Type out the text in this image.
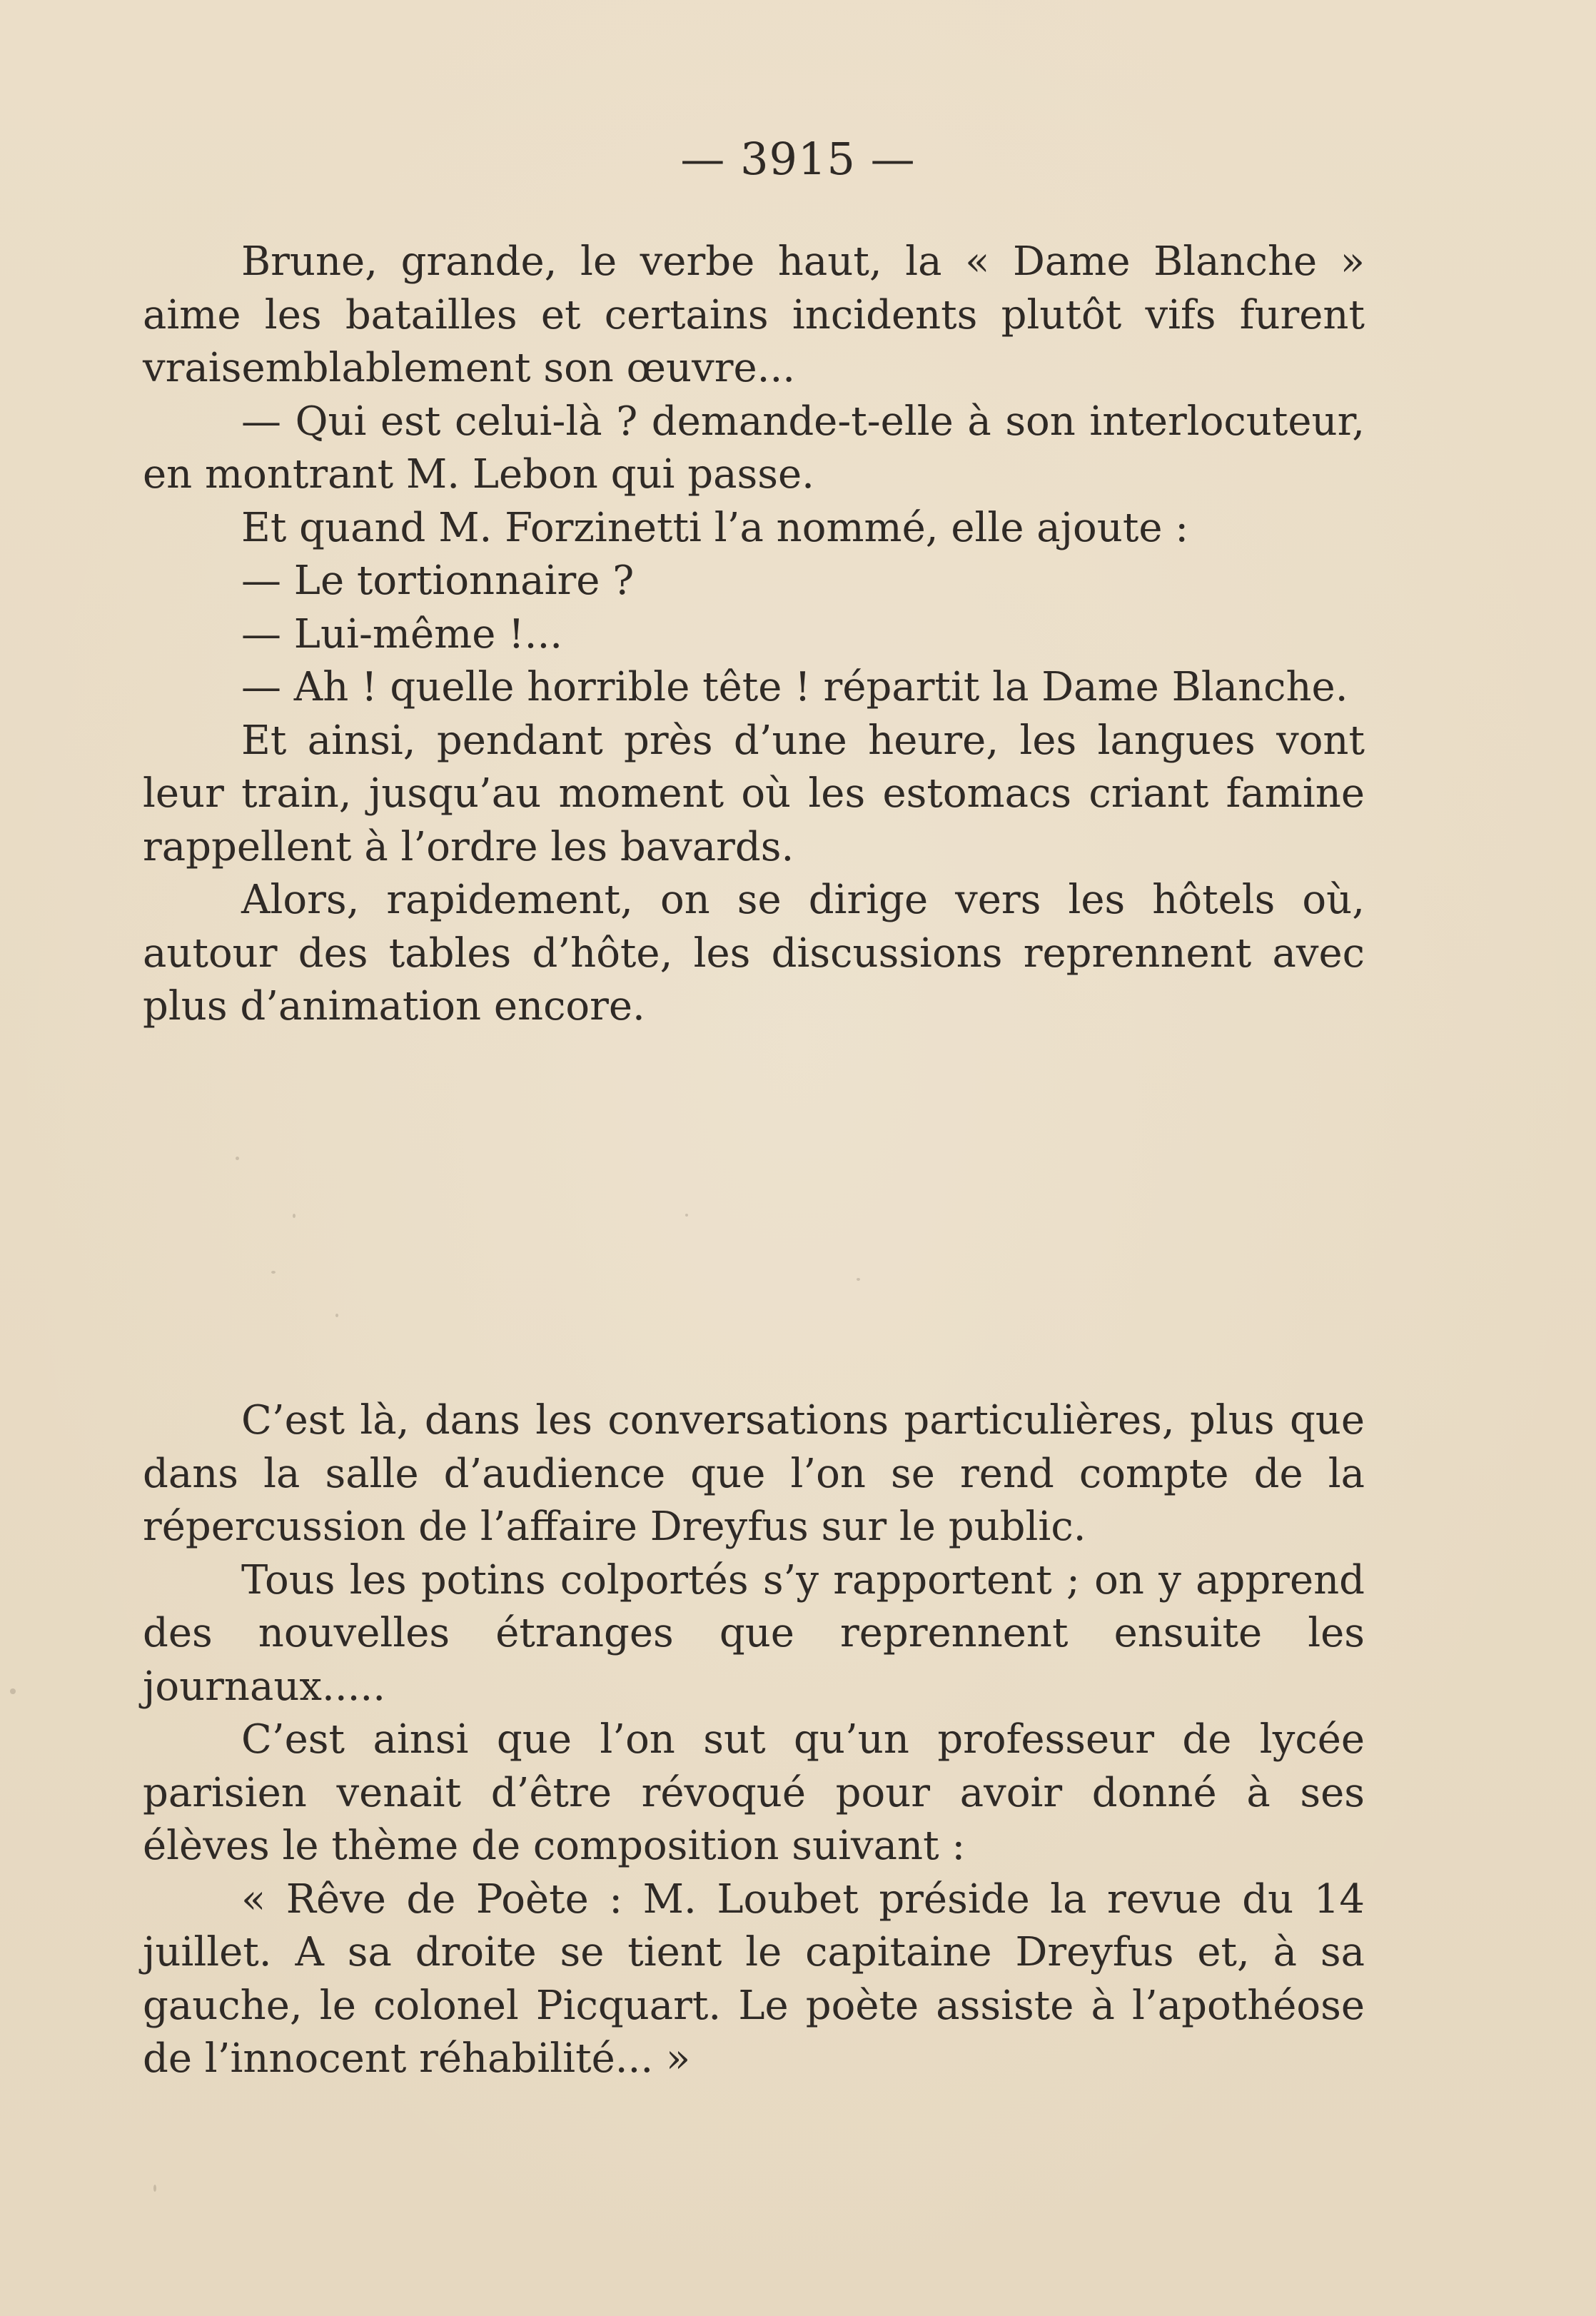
— 3915 —

Brune, grande, le verbe haut, la « Dame Blanche » aime les batailles et certains incidents plutôt vifs furent vraisemblablement son œuvre...

— Qui est celui-là ? demande-t-elle à son interlocuteur, en montrant M. Lebon qui passe.

Et quand M. Forzinetti l’a nommé, elle ajoute :

— Le tortionnaire ?

— Lui-même !...

— Ah ! quelle horrible tête ! répartit la Dame Blanche.

Et ainsi, pendant près d’une heure, les langues vont leur train, jusqu’au moment où les estomacs criant famine rappellent à l’ordre les bavards.

Alors, rapidement, on se dirige vers les hôtels où, autour des tables d’hôte, les discussions reprennent avec plus d’animation encore.

C’est là, dans les conversations particulières, plus que dans la salle d’audience que l’on se rend compte de la répercussion de l’affaire Dreyfus sur le public.

Tous les potins colportés s’y rapportent ; on y apprend des nouvelles étranges que reprennent ensuite les journaux.....

C’est ainsi que l’on sut qu’un professeur de lycée parisien venait d’être révoqué pour avoir donné à ses élèves le thème de composition suivant :

« Rêve de Poète : M. Loubet préside la revue du 14 juillet. A sa droite se tient le capitaine Dreyfus et, à sa gauche, le colonel Picquart. Le poète assiste à l’apothéose de l’innocent réhabilité... »
